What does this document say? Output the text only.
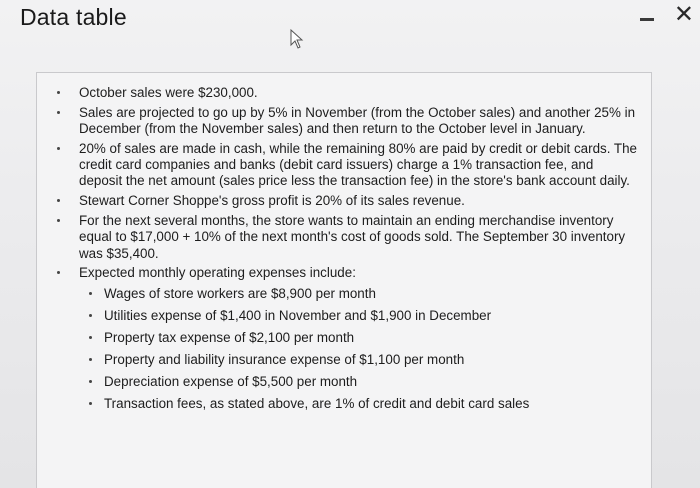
Data table	✕
October sales were $230,000.
Sales are projected to go up by 5% in November (from the October sales) and another 25% in December (from the November sales) and then return to the October level in January.
20% of sales are made in cash, while the remaining 80% are paid by credit or debit cards. The credit card companies and banks (debit card issuers) charge a 1% transaction fee, and deposit the net amount (sales price less the transaction fee) in the store's bank account daily.
Stewart Corner Shoppe's gross profit is 20% of its sales revenue.
For the next several months, the store wants to maintain an ending merchandise inventory equal to $17,000 + 10% of the next month's cost of goods sold. The September 30 inventory was $35,400.
Expected monthly operating expenses include:
Wages of store workers are $8,900 per month
Utilities expense of $1,400 in November and $1,900 in December
Property tax expense of $2,100 per month
Property and liability insurance expense of $1,100 per month
Depreciation expense of $5,500 per month
Transaction fees, as stated above, are 1% of credit and debit card sales
